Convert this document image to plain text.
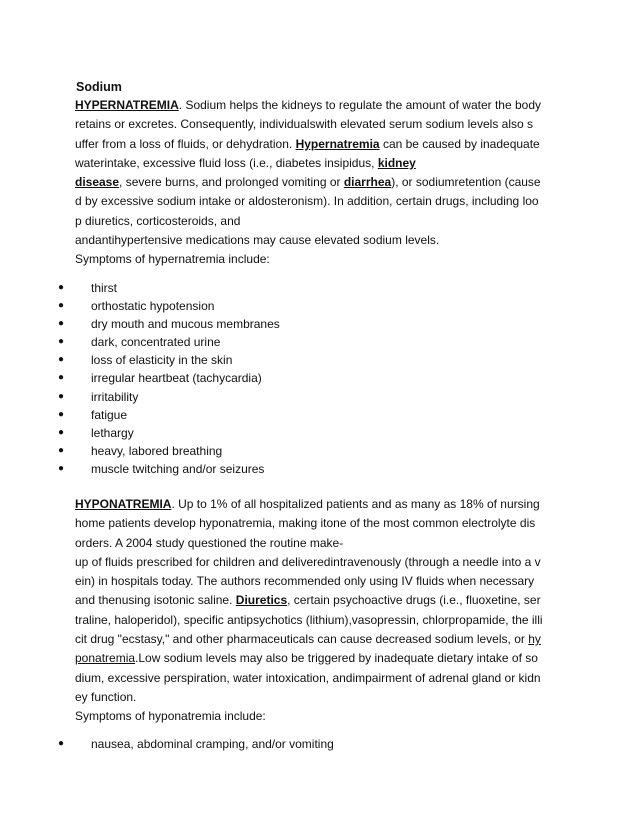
Sodium

HYPERNATREMIA. Sodium helps the kidneys to regulate the amount of water the body
retains or excretes. Consequently, individualswith elevated serum sodium levels also s
uffer from a loss of fluids, or dehydration. Hypernatremia can be caused by inadequate
waterintake, excessive fluid loss (i.e., diabetes insipidus, kidney
disease, severe burns, and prolonged vomiting or diarrhea), or sodiumretention (cause
d by excessive sodium intake or aldosteronism). In addition, certain drugs, including loo
p diuretics, corticosteroids, and
andantihypertensive medications may cause elevated sodium levels.
Symptoms of hypernatremia include:

● thirst
● orthostatic hypotension
● dry mouth and mucous membranes
● dark, concentrated urine
● loss of elasticity in the skin
● irregular heartbeat (tachycardia)
● irritability
● fatigue
● lethargy
● heavy, labored breathing
● muscle twitching and/or seizures

HYPONATREMIA. Up to 1% of all hospitalized patients and as many as 18% of nursing
home patients develop hyponatremia, making itone of the most common electrolyte dis
orders. A 2004 study questioned the routine make-
up of fluids prescribed for children and deliveredintravenously (through a needle into a v
ein) in hospitals today. The authors recommended only using IV fluids when necessary
and thenusing isotonic saline. Diuretics, certain psychoactive drugs (i.e., fluoxetine, ser
traline, haloperidol), specific antipsychotics (lithium),vasopressin, chlorpropamide, the illi
cit drug "ecstasy," and other pharmaceuticals can cause decreased sodium levels, or hy
ponatremia.Low sodium levels may also be triggered by inadequate dietary intake of so
dium, excessive perspiration, water intoxication, andimpairment of adrenal gland or kidn
ey function.
Symptoms of hyponatremia include:

● nausea, abdominal cramping, and/or vomiting
